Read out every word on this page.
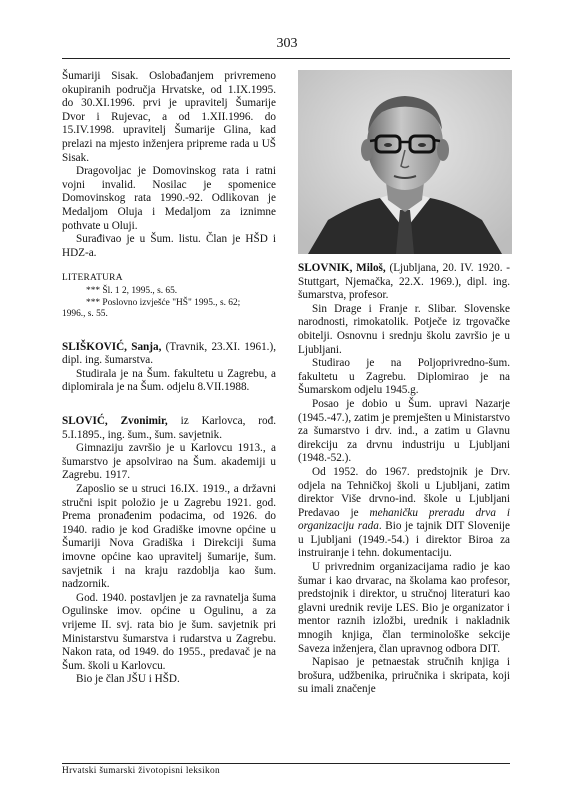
303

Šumariji Sisak. Oslobađanjem privremeno okupiranih područja Hrvatske, od 1.IX.1995. do 30.XI.1996. prvi je upravitelj Šumarije Dvor i Rujevac, a od 1.XII.1996. do 15.IV.1998. upravitelj Šumarije Glina, kad prelazi na mjesto inženjera pripreme rada u UŠ Sisak.

Dragovoljac je Domovinskog rata i ratni vojni invalid. Nosilac je spomenice Domovinskog rata 1990.-92. Odlikovan je Medaljom Oluja i Medaljom za iznimne pothvate u Oluji.

Surađivao je u Šum. listu. Član je HŠD i HDZ-a.

LITERATURA

*** Šl. 1 2, 1995., s. 65.

*** Poslovno izvješće "HŠ" 1995., s. 62;

1996., s. 55.

SLIŠKOVIĆ, Sanja, (Travnik, 23.XI. 1961.), dipl. ing. šumarstva.

Studirala je na Šum. fakultetu u Zagrebu, a diplomirala je na Šum. odjelu 8.VII.1988.

SLOVIĆ, Zvonimir, iz Karlovca, rođ. 5.I.1895., ing. šum., šum. savjetnik.

Gimnaziju završio je u Karlovcu 1913., a šumarstvo je apsolvirao na Šum. akademiji u Zagrebu. 1917.

Zaposlio se u struci 16.IX. 1919., a državni stručni ispit položio je u Zagrebu 1921. god. Prema pronađenim podacima, od 1926. do 1940. radio je kod Gradiške imovne općine u Šumariji Nova Gradiška i Direkciji šuma imovne općine kao upravitelj šumarije, šum. savjetnik i na kraju razdoblja kao šum. nadzornik.

God. 1940. postavljen je za ravnatelja šuma Ogulinske imov. općine u Ogulinu, a za vrijeme II. svj. rata bio je šum. savjetnik pri Ministarstvu šumarstva i rudarstva u Zagrebu. Nakon rata, od 1949. do 1955., predavač je na Šum. školi u Karlovcu.

Bio je član JŠU i HŠD.

SLOVNIK, Miloš, (Ljubljana, 20. IV. 1920. - Stuttgart, Njemačka, 22.X. 1969.), dipl. ing. šumarstva, profesor.

Sin Drage i Franje r. Slibar. Slovenske narodnosti, rimokatolik. Potječe iz trgovačke obitelji. Osnovnu i srednju školu završio je u Ljubljani.

Studirao je na Poljoprivredno-šum. fakultetu u Zagrebu. Diplomirao je na Šumarskom odjelu 1945.g.

Posao je dobio u Šum. upravi Nazarje (1945.-47.), zatim je premješten u Ministarstvo za šumarstvo i drv. ind., a zatim u Glavnu direkciju za drvnu industriju u Ljubljani (1948.-52.).

Od 1952. do 1967. predstojnik je Drv. odjela na Tehničkoj školi u Ljubljani, zatim direktor Više drvno-ind. škole u Ljubljani Predavao je mehaničku preradu drva i organizaciju rada. Bio je tajnik DIT Slovenije u Ljubljani (1949.-54.) i direktor Biroa za instruiranje i tehn. dokumentaciju.

U privrednim organizacijama radio je kao šumar i kao drvarac, na školama kao profesor, predstojnik i direktor, u stručnoj literaturi kao glavni urednik revije LES. Bio je organizator i mentor raznih izložbi, urednik i nakladnik mnogih knjiga, član terminološke sekcije Saveza inženjera, član upravnog odbora DIT.

Napisao je petnaestak stručnih knjiga i brošura, udžbenika, priručnika i skripata, koji su imali značenje

Hrvatski šumarski životopisni leksikon
